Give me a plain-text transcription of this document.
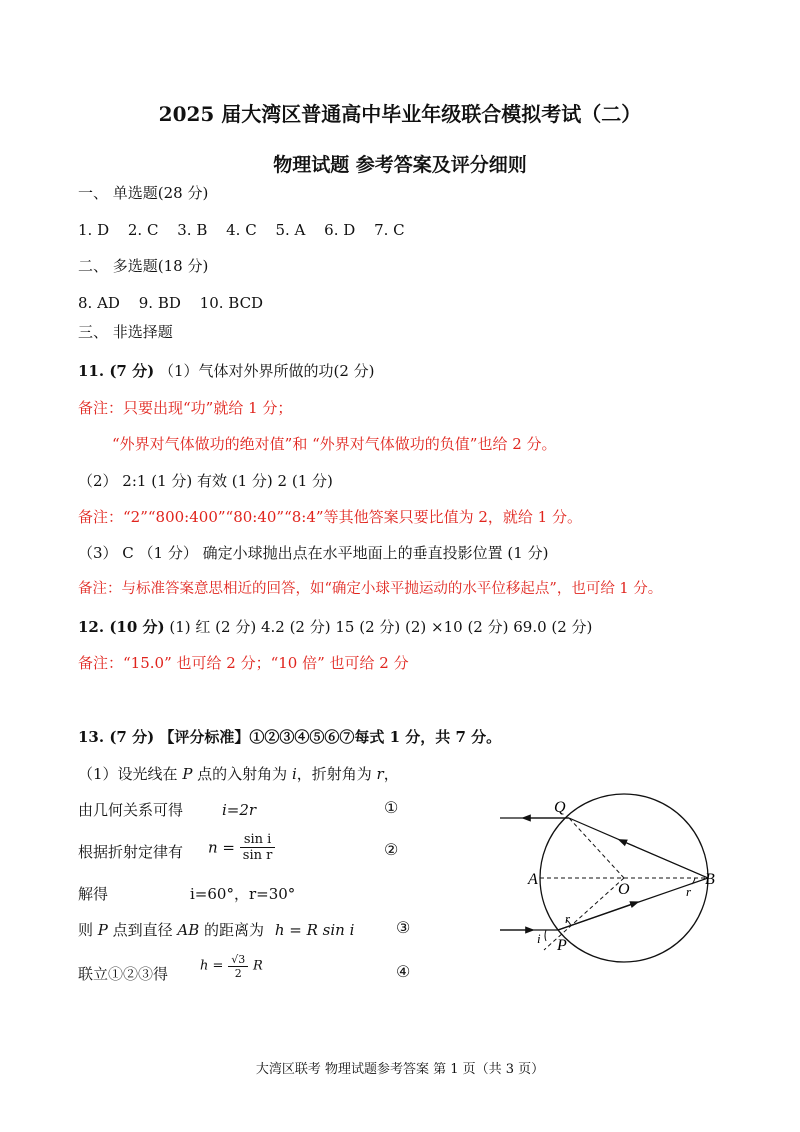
2025 届大湾区普通高中毕业年级联合模拟考试（二）
物理试题 参考答案及评分细则
一、 单选题(28 分)
1. D 2. C 3. B 4. C 5. A 6. D 7. C
二、 多选题(18 分)
8. AD 9. BD 10. BCD
三、 非选择题
11. (7 分) （1）气体对外界所做的功(2 分)
备注：只要出现“功”就给 1 分；
“外界对气体做功的绝对值”和 “外界对气体做功的负值”也给 2 分。
（2） 2:1 (1 分) 有效 (1 分) 2 (1 分)
备注：“2”“800:400”“80:40”“8:4”等其他答案只要比值为 2，就给 1 分。
（3） C （1 分） 确定小球抛出点在水平地面上的垂直投影位置 (1 分)
备注：与标准答案意思相近的回答，如“确定小球平抛运动的水平位移起点”，也可给 1 分。
12. (10 分) (1) 红 (2 分) 4.2 (2 分) 15 (2 分) (2) ×10 (2 分) 69.0 (2 分)
备注：“15.0” 也可给 2 分；“10 倍” 也可给 2 分
13. (7 分) 【评分标准】①②③④⑤⑥⑦每式 1 分，共 7 分。
（1）设光线在 P 点的入射角为 i，折射角为 r，
由几何关系可得	i=2r	①
根据折射定律有 $n = \frac{\text{sin i}}{\text{sin r}}$	②
解得	i=60°，r=30°
则 P 点到直径 AB 的距离为 h = R sin i	③
联立①②③得 $h = \frac{√3}{2}$ R	④
Q
A
O
B
P
r
r
i
大湾区联考 物理试题参考答案 第 1 页（共 3 页）
